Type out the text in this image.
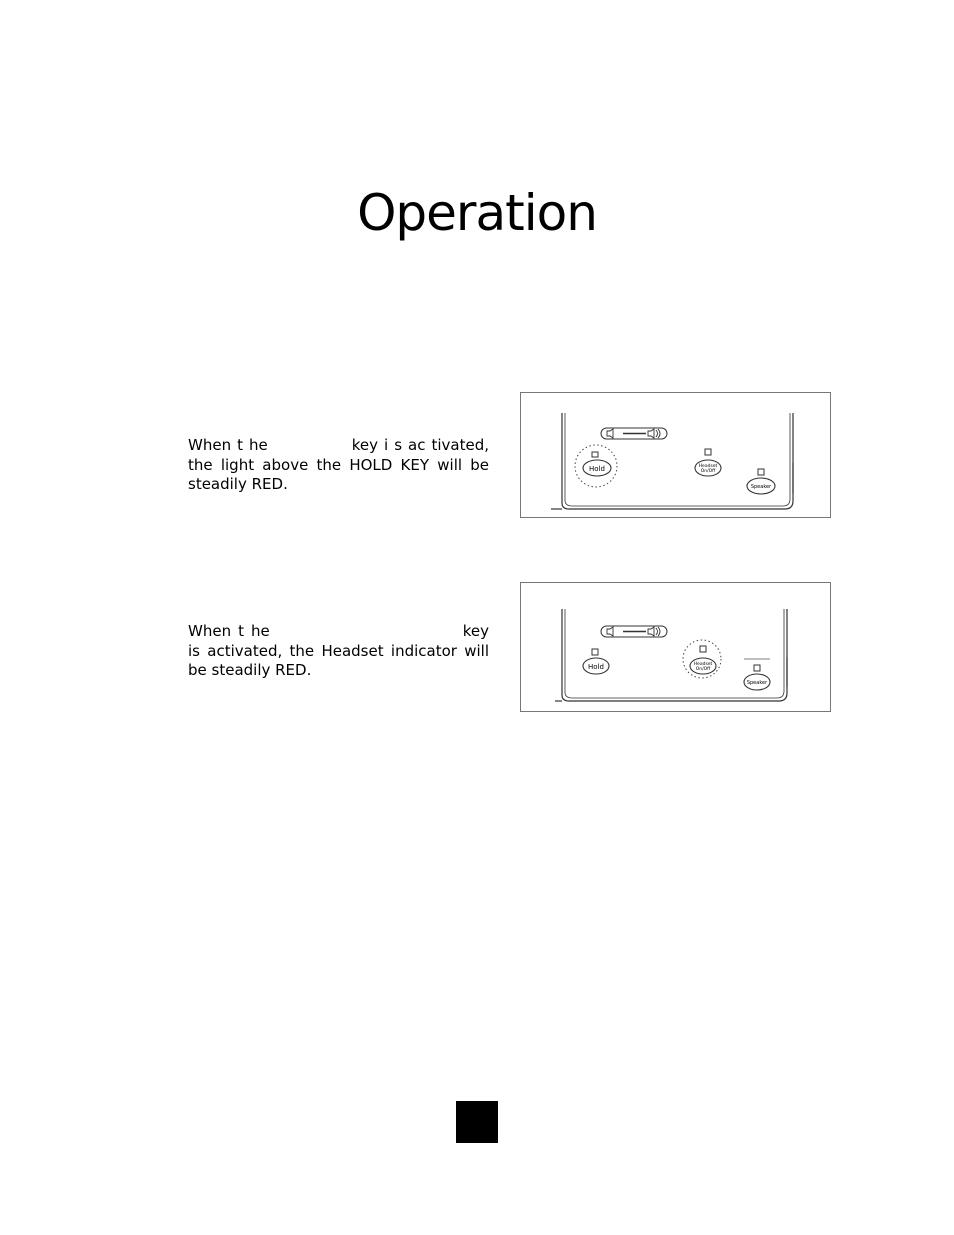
Operation
When t he	key i s ac tivated, the light above the HOLD KEY will be steadily RED.
Hold	Headset
On/Off
Speaker
When t he	key is activated, the Headset indicator will be steadily RED.	Hold	Headset
On/Off
Speaker
